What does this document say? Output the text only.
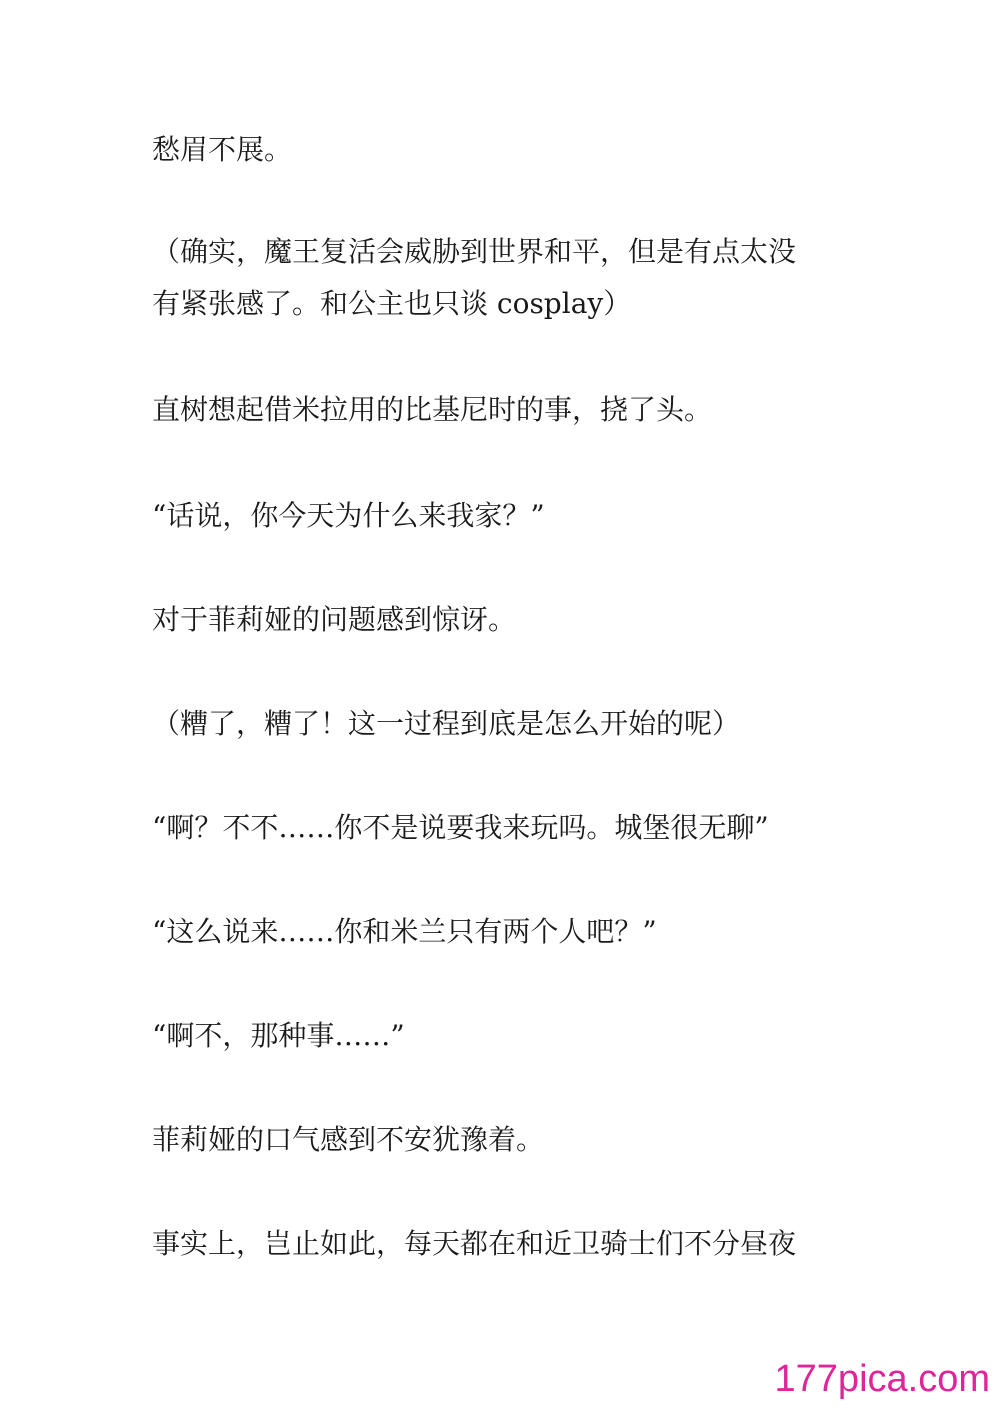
愁眉不展。

（确实，魔王复活会威胁到世界和平，但是有点太没

有紧张感了。和公主也只谈 cosplay）

直树想起借米拉用的比基尼时的事，挠了头。

“话说，你今天为什么来我家？”

对于菲莉娅的问题感到惊讶。

（糟了，糟了！这一过程到底是怎么开始的呢）

“啊？不不……你不是说要我来玩吗。城堡很无聊”

“这么说来……你和米兰只有两个人吧？”

“啊不，那种事……”

菲莉娅的口气感到不安犹豫着。

事实上，岂止如此，每天都在和近卫骑士们不分昼夜

177pica.com
